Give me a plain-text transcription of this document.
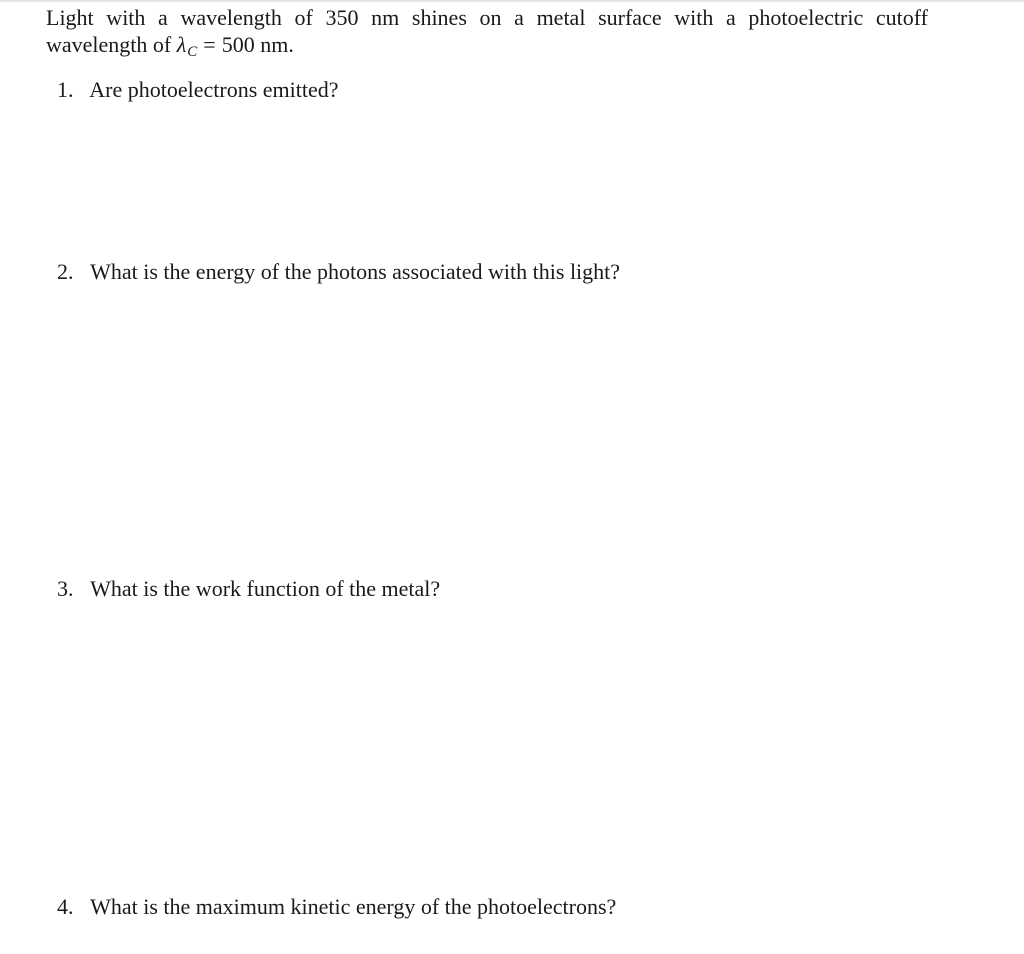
Light with a wavelength of 350 nm shines on a metal surface with a photoelectric cutoff
wavelength of λC = 500 nm.
1. Are photoelectrons emitted?
2. What is the energy of the photons associated with this light?
3. What is the work function of the metal?
4. What is the maximum kinetic energy of the photoelectrons?
